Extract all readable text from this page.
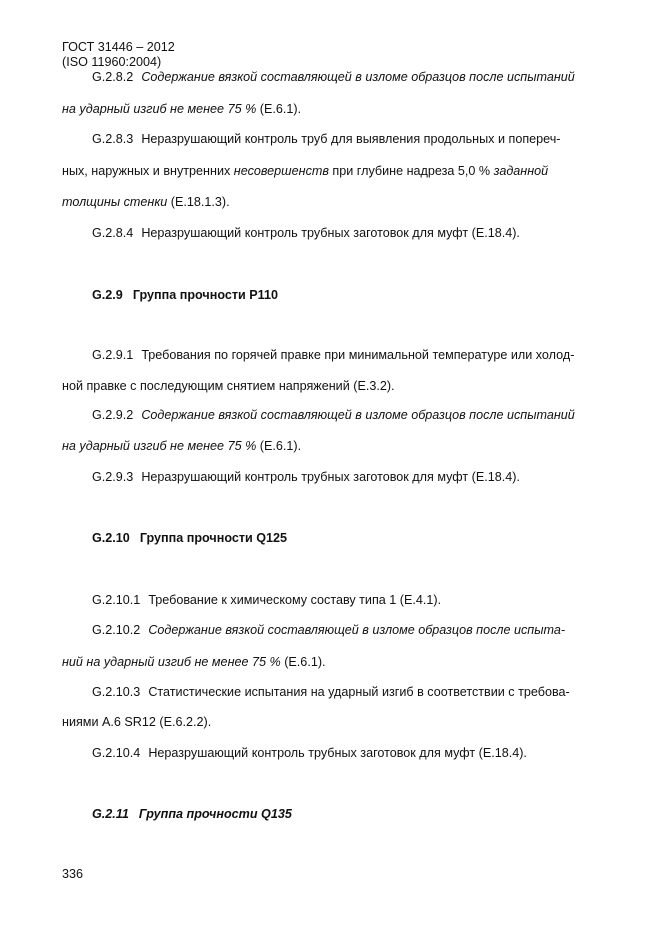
ГОСТ 31446 – 2012
(ISO 11960:2004)
G.2.8.2 Содержание вязкой составляющей в изломе образцов после испытаний
на ударный изгиб не менее 75 % (E.6.1).
G.2.8.3 Неразрушающий контроль труб для выявления продольных и попереч-
ных, наружных и внутренних несовершенств при глубине надреза 5,0 % заданной
толщины стенки (E.18.1.3).
G.2.8.4 Неразрушающий контроль трубных заготовок для муфт (E.18.4).
G.2.9 Группа прочности P110
G.2.9.1 Требования по горячей правке при минимальной температуре или холод-
ной правке с последующим снятием напряжений (E.3.2).
G.2.9.2 Содержание вязкой составляющей в изломе образцов после испытаний
на ударный изгиб не менее 75 % (E.6.1).
G.2.9.3 Неразрушающий контроль трубных заготовок для муфт (E.18.4).
G.2.10 Группа прочности Q125
G.2.10.1 Требование к химическому составу типа 1 (E.4.1).
G.2.10.2 Содержание вязкой составляющей в изломе образцов после испыта-
ний на ударный изгиб не менее 75 % (E.6.1).
G.2.10.3 Статистические испытания на ударный изгиб в соответствии с требова-
ниями A.6 SR12 (E.6.2.2).
G.2.10.4 Неразрушающий контроль трубных заготовок для муфт (E.18.4).
G.2.11 Группа прочности Q135
336
